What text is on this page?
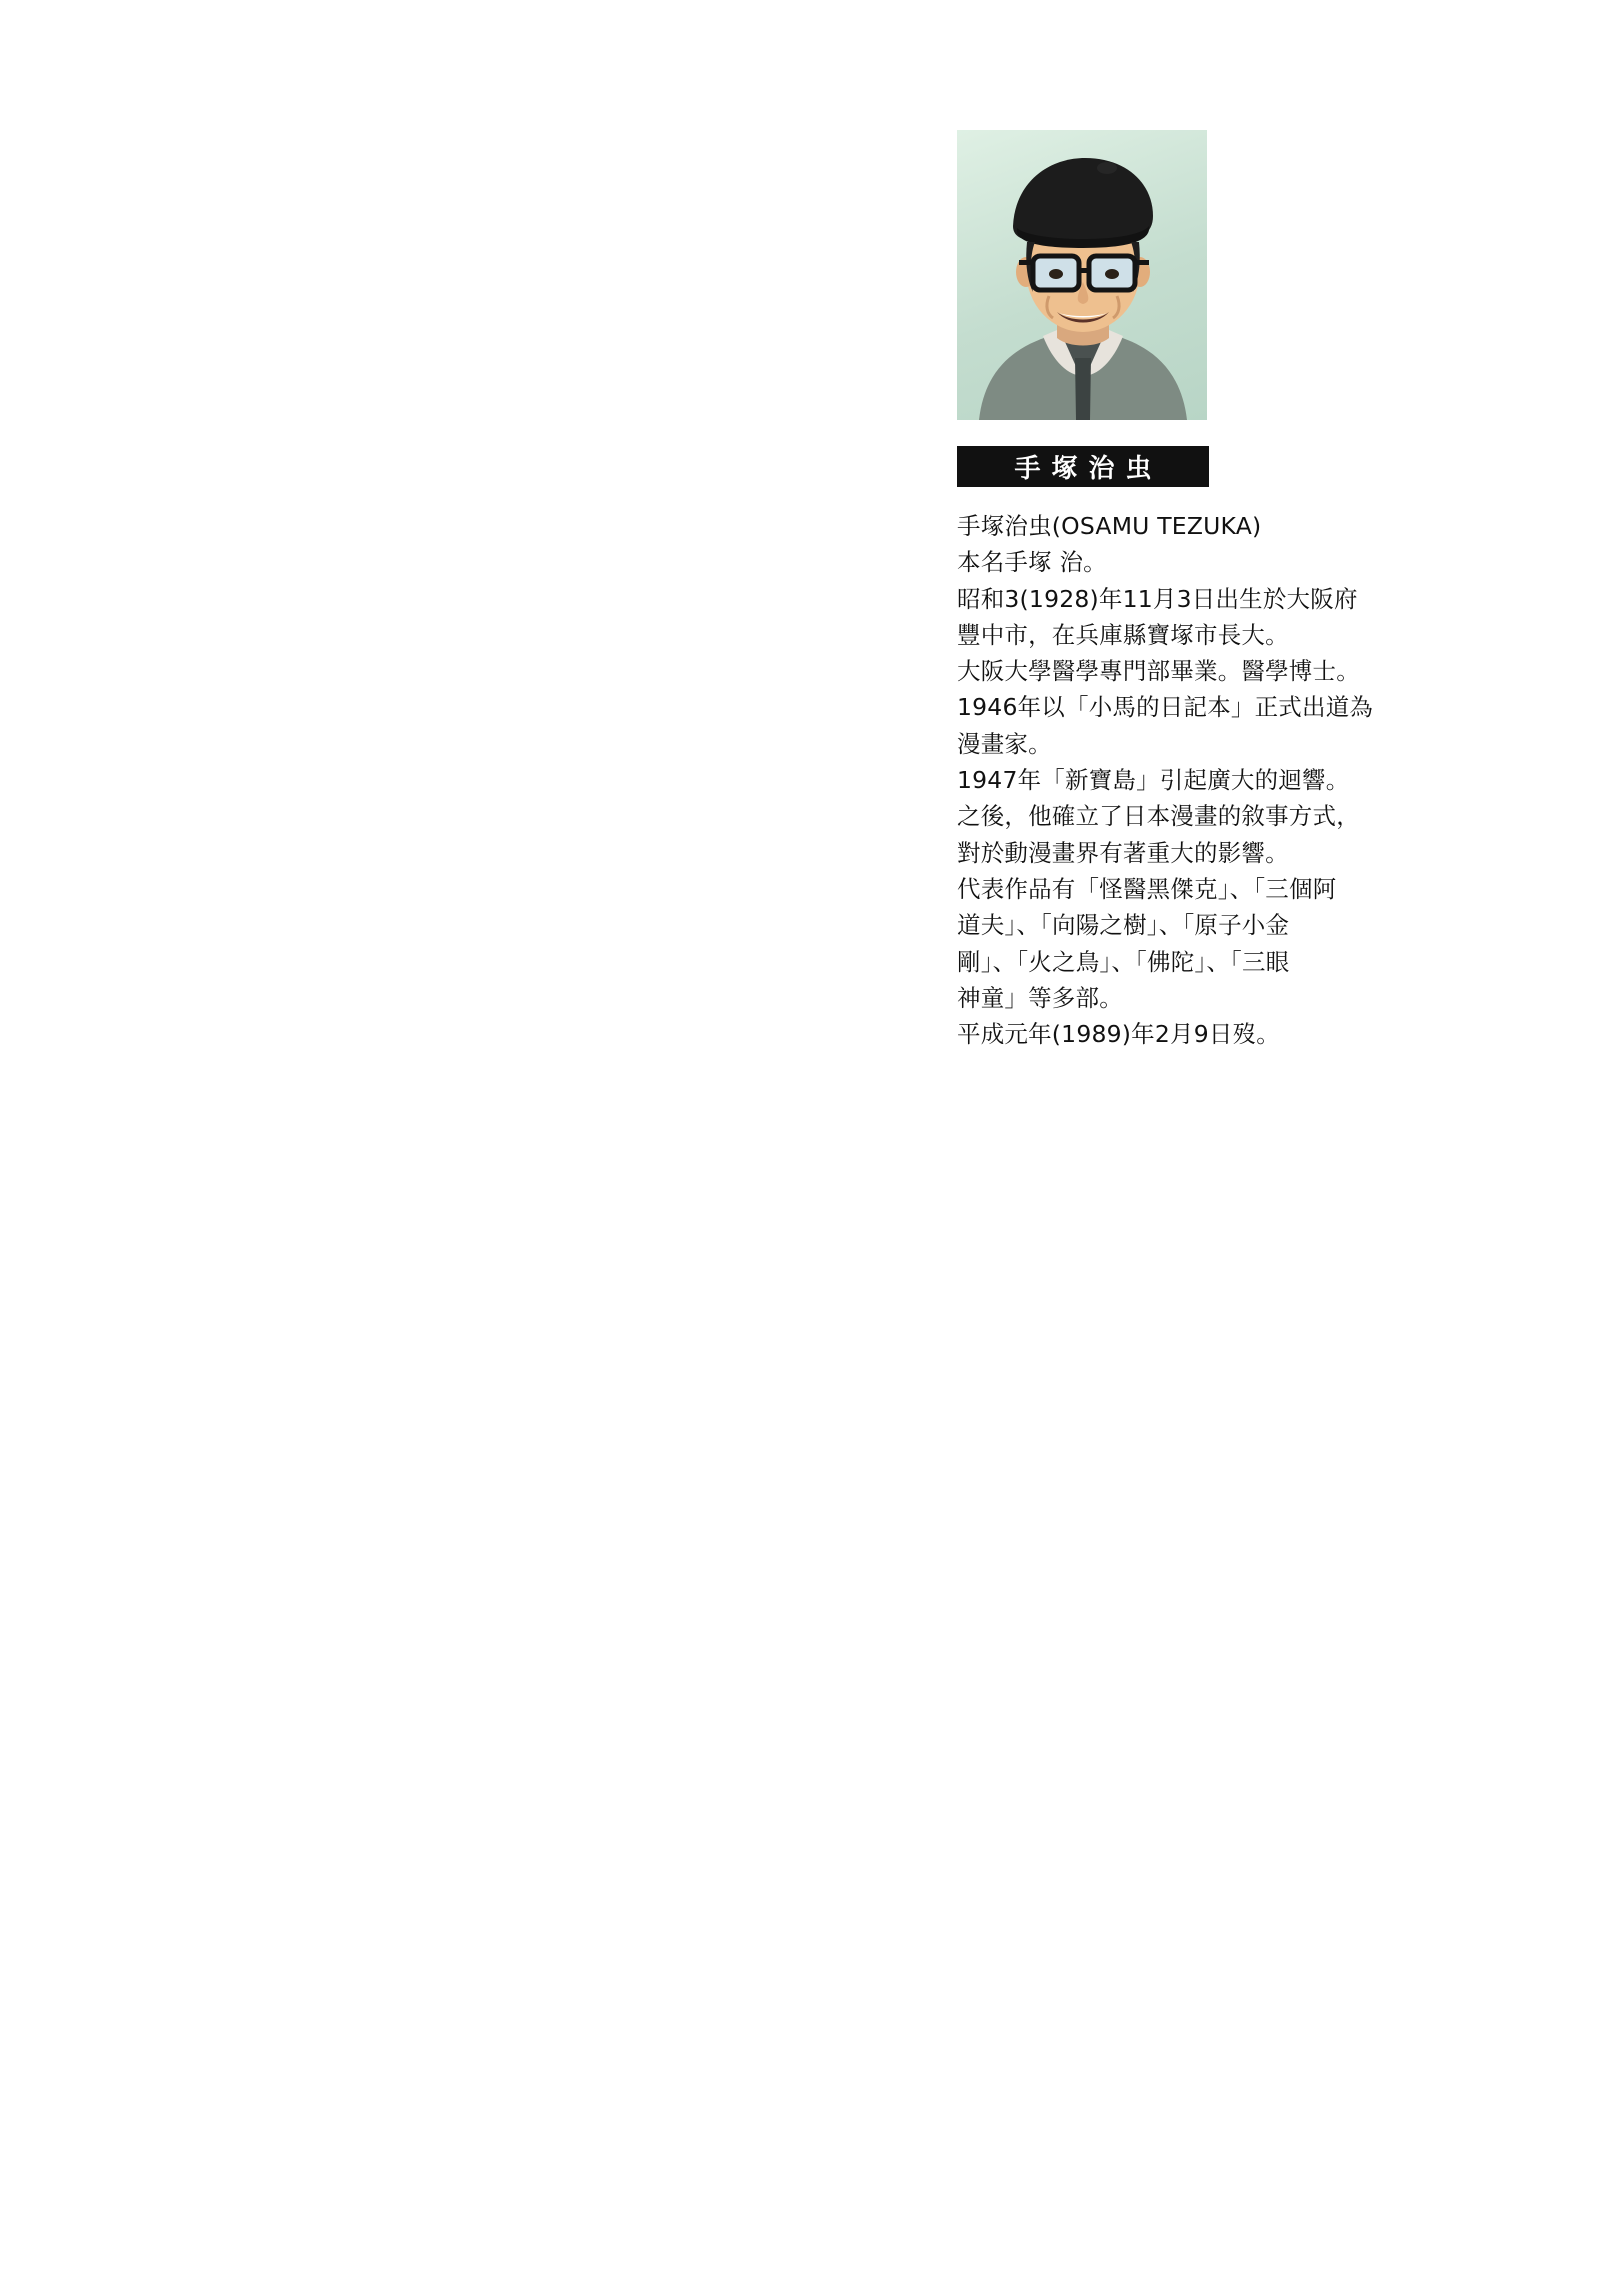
手塚治虫

手塚治虫(OSAMU TEZUKA)

本名手塚 治。

昭和3(1928)年11月3日出生於大阪府

豐中市，在兵庫縣寶塚市長大。

大阪大學醫學專門部畢業。醫學博士。

1946年以「小馬的日記本」正式出道為

漫畫家。

1947年「新寶島」引起廣大的迴響。

之後，他確立了日本漫畫的敘事方式，

對於動漫畫界有著重大的影響。

代表作品有「怪醫黑傑克」、「三個阿

道夫」、「向陽之樹」、「原子小金

剛」、「火之鳥」、「佛陀」、「三眼

神童」等多部。

平成元年(1989)年2月9日歿。
